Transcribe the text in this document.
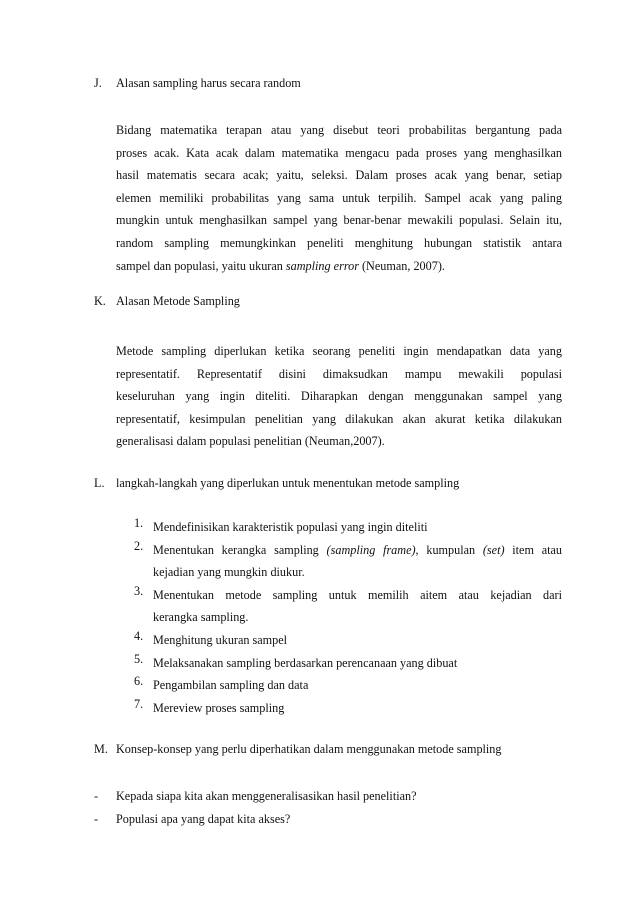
J. Alasan sampling harus secara random
Bidang matematika terapan atau yang disebut teori probabilitas bergantung pada
proses acak. Kata acak dalam matematika mengacu pada proses yang menghasilkan
hasil matematis secara acak; yaitu, seleksi. Dalam proses acak yang benar, setiap
elemen memiliki probabilitas yang sama untuk terpilih. Sampel acak yang paling
mungkin untuk menghasilkan sampel yang benar-benar mewakili populasi. Selain itu,
random sampling memungkinkan peneliti menghitung hubungan statistik antara
sampel dan populasi, yaitu ukuran sampling error (Neuman, 2007).
K. Alasan Metode Sampling
Metode sampling diperlukan ketika seorang peneliti ingin mendapatkan data yang
representatif. Representatif disini dimaksudkan mampu mewakili populasi
keseluruhan yang ingin diteliti. Diharapkan dengan menggunakan sampel yang
representatif, kesimpulan penelitian yang dilakukan akan akurat ketika dilakukan
generalisasi dalam populasi penelitian (Neuman,2007).
L. langkah-langkah yang diperlukan untuk menentukan metode sampling
1. Mendefinisikan karakteristik populasi yang ingin diteliti
2. Menentukan kerangka sampling (sampling frame), kumpulan (set) item atau
kejadian yang mungkin diukur.
3. Menentukan metode sampling untuk memilih aitem atau kejadian dari
kerangka sampling.
4. Menghitung ukuran sampel
5. Melaksanakan sampling berdasarkan perencanaan yang dibuat
6. Pengambilan sampling dan data
7. Mereview proses sampling
M. Konsep-konsep yang perlu diperhatikan dalam menggunakan metode sampling
- Kepada siapa kita akan menggeneralisasikan hasil penelitian?
- Populasi apa yang dapat kita akses?
